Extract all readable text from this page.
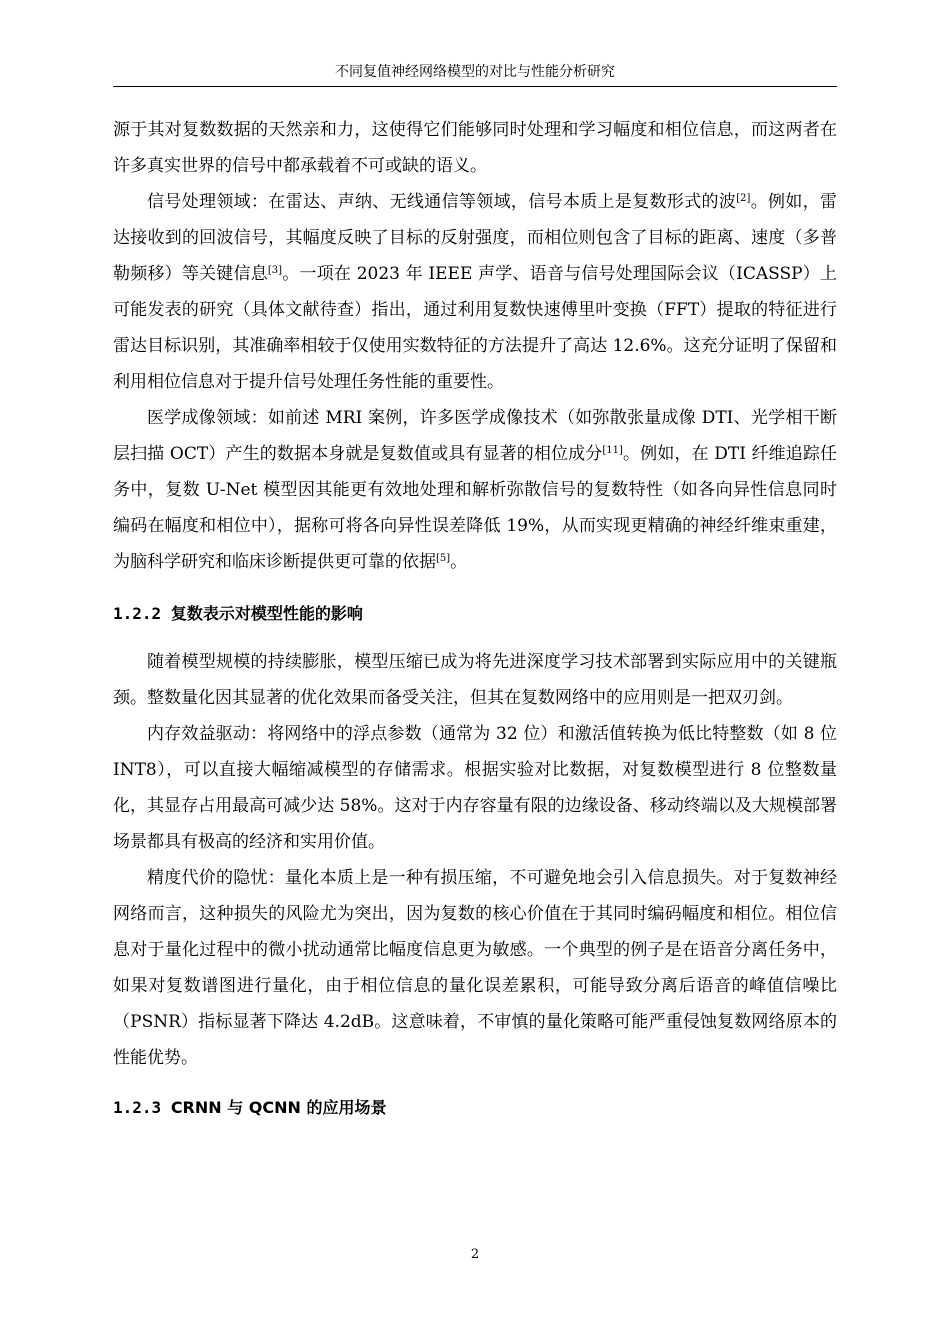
不同复值神经网络模型的对比与性能分析研究

源于其对复数数据的天然亲和力，这使得它们能够同时处理和学习幅度和相位信息，而这两者在许多真实世界的信号中都承载着不可或缺的语义。

信号处理领域：在雷达、声纳、无线通信等领域，信号本质上是复数形式的波[2]。例如，雷达接收到的回波信号，其幅度反映了目标的反射强度，而相位则包含了目标的距离、速度（多普勒频移）等关键信息[3]。一项在 2023 年 IEEE 声学、语音与信号处理国际会议（ICASSP）上可能发表的研究（具体文献待查）指出，通过利用复数快速傅里叶变换（FFT）提取的特征进行雷达目标识别，其准确率相较于仅使用实数特征的方法提升了高达 12.6%。这充分证明了保留和利用相位信息对于提升信号处理任务性能的重要性。

医学成像领域：如前述 MRI 案例，许多医学成像技术（如弥散张量成像 DTI、光学相干断层扫描 OCT）产生的数据本身就是复数值或具有显著的相位成分[11]。例如，在 DTI 纤维追踪任务中，复数 U-Net 模型因其能更有效地处理和解析弥散信号的复数特性（如各向异性信息同时编码在幅度和相位中），据称可将各向异性误差降低 19%，从而实现更精确的神经纤维束重建，为脑科学研究和临床诊断提供更可靠的依据[5]。

1.2.2 复数表示对模型性能的影响

随着模型规模的持续膨胀，模型压缩已成为将先进深度学习技术部署到实际应用中的关键瓶颈。整数量化因其显著的优化效果而备受关注，但其在复数网络中的应用则是一把双刃剑。

内存效益驱动：将网络中的浮点参数（通常为 32 位）和激活值转换为低比特整数（如 8 位 INT8），可以直接大幅缩减模型的存储需求。根据实验对比数据，对复数模型进行 8 位整数量化，其显存占用最高可减少达 58%。这对于内存容量有限的边缘设备、移动终端以及大规模部署场景都具有极高的经济和实用价值。

精度代价的隐忧：量化本质上是一种有损压缩，不可避免地会引入信息损失。对于复数神经网络而言，这种损失的风险尤为突出，因为复数的核心价值在于其同时编码幅度和相位。相位信息对于量化过程中的微小扰动通常比幅度信息更为敏感。一个典型的例子是在语音分离任务中，如果对复数谱图进行量化，由于相位信息的量化误差累积，可能导致分离后语音的峰值信噪比（PSNR）指标显著下降达 4.2dB。这意味着，不审慎的量化策略可能严重侵蚀复数网络原本的性能优势。

1.2.3 CRNN 与 QCNN 的应用场景
2
